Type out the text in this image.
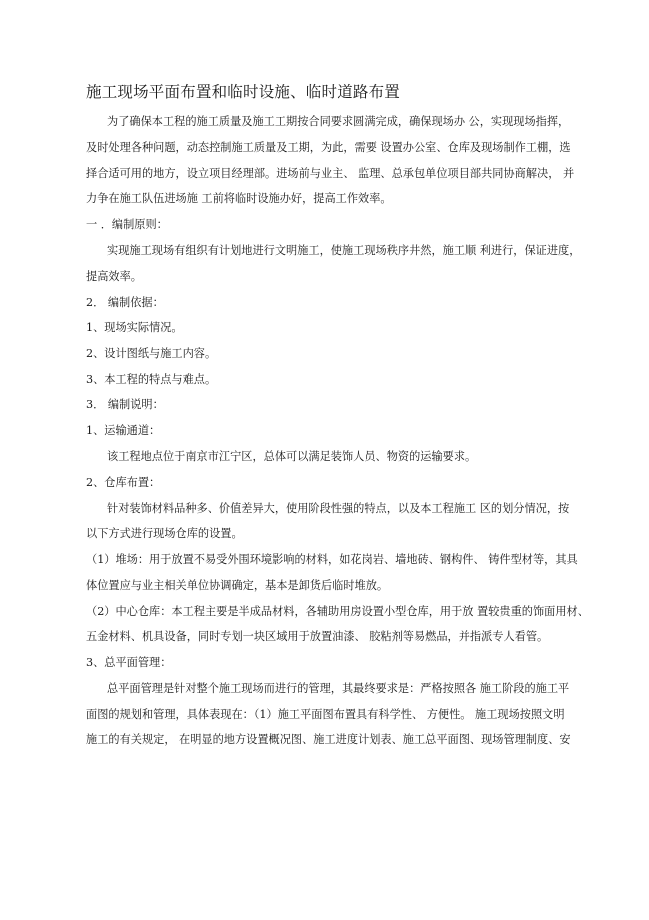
施工现场平面布置和临时设施、临时道路布置
为了确保本工程的施工质量及施工工期按合同要求圆满完成，确保现场办 公，实现现场指挥，
及时处理各种问题，动态控制施工质量及工期，为此，需要 设置办公室、仓库及现场制作工棚，选
择合适可用的地方，设立项目经理部。进场前与业主、 监理、总承包单位项目部共同协商解决， 并
力争在施工队伍进场施 工前将临时设施办好，提高工作效率。
一 ．编制原则：
实现施工现场有组织有计划地进行文明施工，使施工现场秩序井然，施工顺 利进行，保证进度，
提高效率。
2． 编制依据：
1、现场实际情况。
2、设计图纸与施工内容。
3、本工程的特点与难点。
3． 编制说明：
1、运输通道：
该工程地点位于南京市江宁区，总体可以满足装饰人员、物资的运输要求。
2、仓库布置：
针对装饰材料品种多、价值差异大，使用阶段性强的特点，以及本工程施工 区的划分情况，按
以下方式进行现场仓库的设置。
（1）堆场：用于放置不易受外围环境影响的材料，如花岗岩、墙地砖、钢构件、 铸件型材等，其具
体位置应与业主相关单位协调确定，基本是卸货后临时堆放。
（2）中心仓库：本工程主要是半成品材料，各辅助用房设置小型仓库，用于放 置较贵重的饰面用材、
五金材料、机具设备，同时专划一块区域用于放置油漆、 胶粘剂等易燃品，并指派专人看管。
3、总平面管理：
总平面管理是针对整个施工现场而进行的管理，其最终要求是：严格按照各 施工阶段的施工平
面图的规划和管理，具体表现在：（1）施工平面图布置具有科学性、 方便性。 施工现场按照文明
施工的有关规定， 在明显的地方设置概况图、施工进度计划表、施工总平面图、现场管理制度、安
